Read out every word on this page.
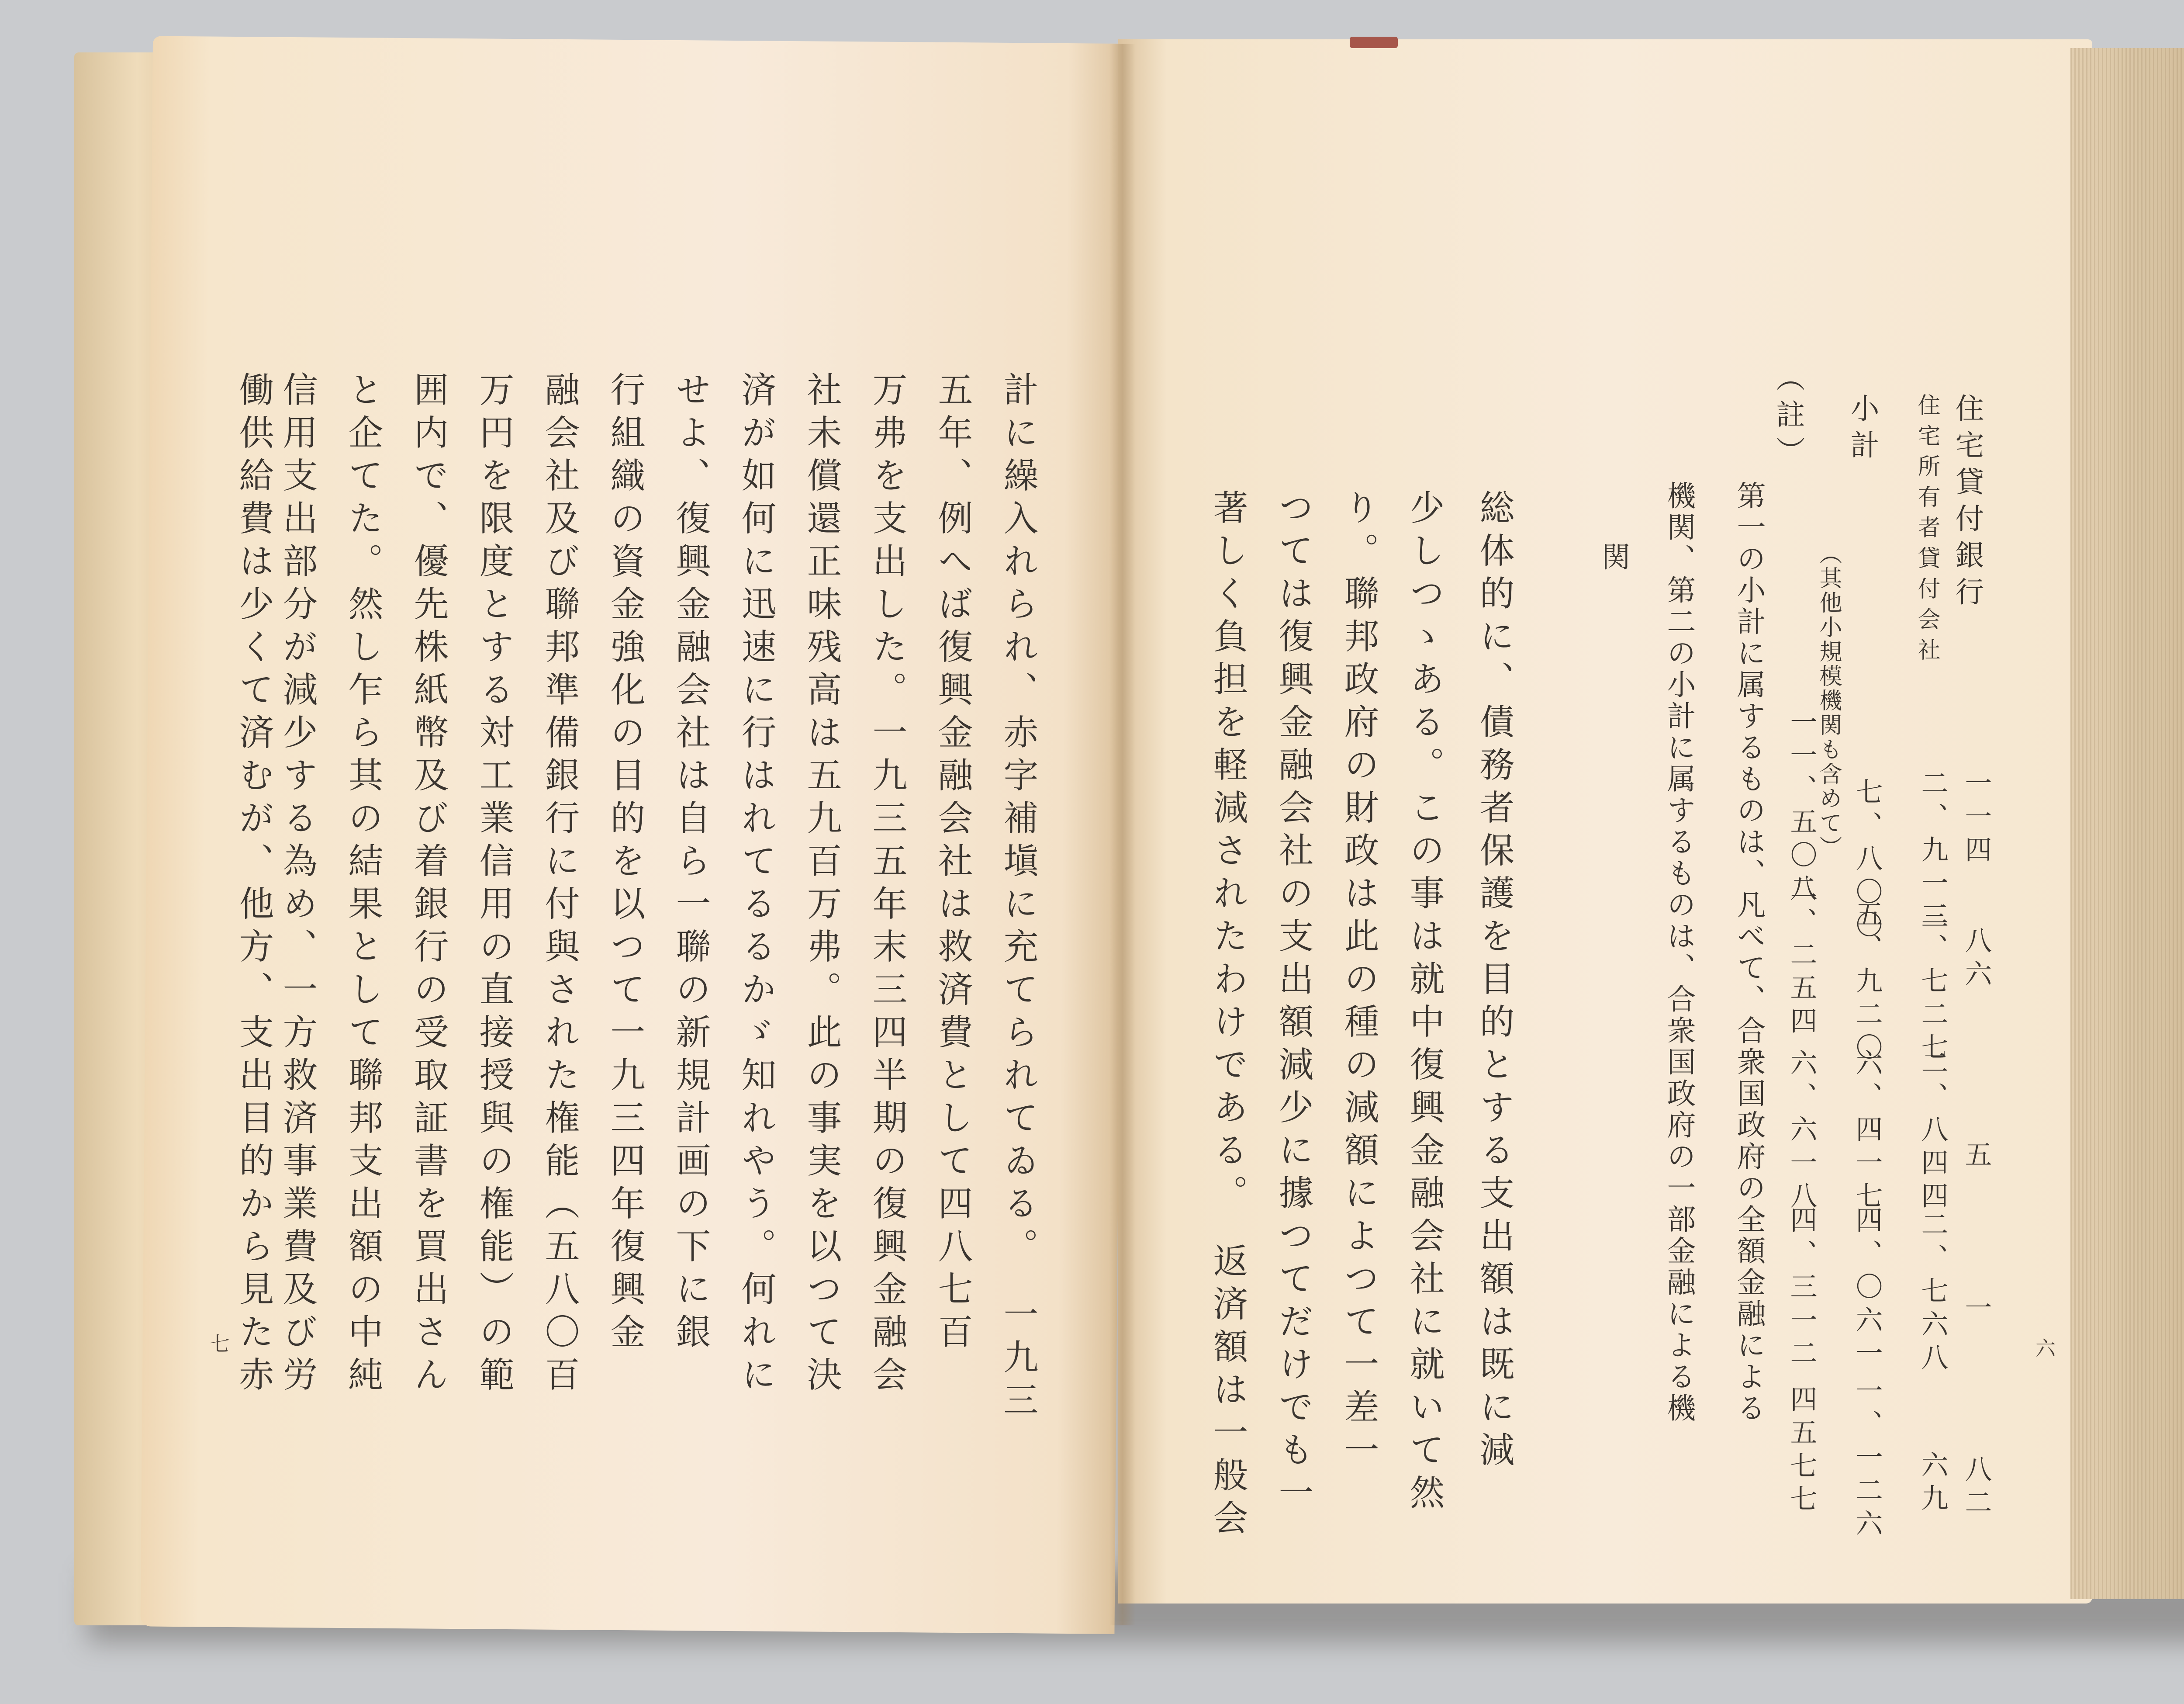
計に繰入れられ、赤字補塡に充てられてゐる。　一九三
五年、例へば復興金融会社は救済費として四八七百
万弗を支出した。一九三五年末三四半期の復興金融会
社未償還正味残高は五九百万弗。此の事実を以つて決
済が如何に迅速に行はれてるるかゞ知れやう。何れに
せよ、復興金融会社は自ら一聯の新規計画の下に銀
行組織の資金強化の目的を以つて一九三四年復興金
融会社及び聯邦準備銀行に付與された権能（五八〇百
万円を限度とする対工業信用の直接授與の権能）の範
囲内で、優先株紙幣及び着銀行の受取証書を買出さん
と企てた。然し乍ら其の結果として聯邦支出額の中純
信用支出部分が減少する為め、一方救済事業費及び労
働供給費は少くて済むが、他方、支出目的から見た赤
七
住宅貸付銀行
住宅所有者貸付会社
小計
（其他小規模機関も含めて）	一一四
八六
五
一
八二
二、九一三
二、七二七
二、八四四
二、七六八
六九
七、八〇〇
五、九二〇
六、四一七
四、〇六一
一、一二六
一一、五〇二
八、二五四
六、六一八
四、三一二
四五七七
（註）
第一の小計に属するものは、凡べて、合衆国政府の全額金融による
機関、第二の小計に属するものは、合衆国政府の一部金融による機
関
総体的に、債務者保護を目的とする支出額は既に減
少しつゝある。この事は就中復興金融会社に就いて然
り。聯邦政府の財政は此の種の減額によつて一差一
つては復興金融会社の支出額減少に據つてだけでも一
著しく負担を軽減されたわけである。　返済額は一般会	六
